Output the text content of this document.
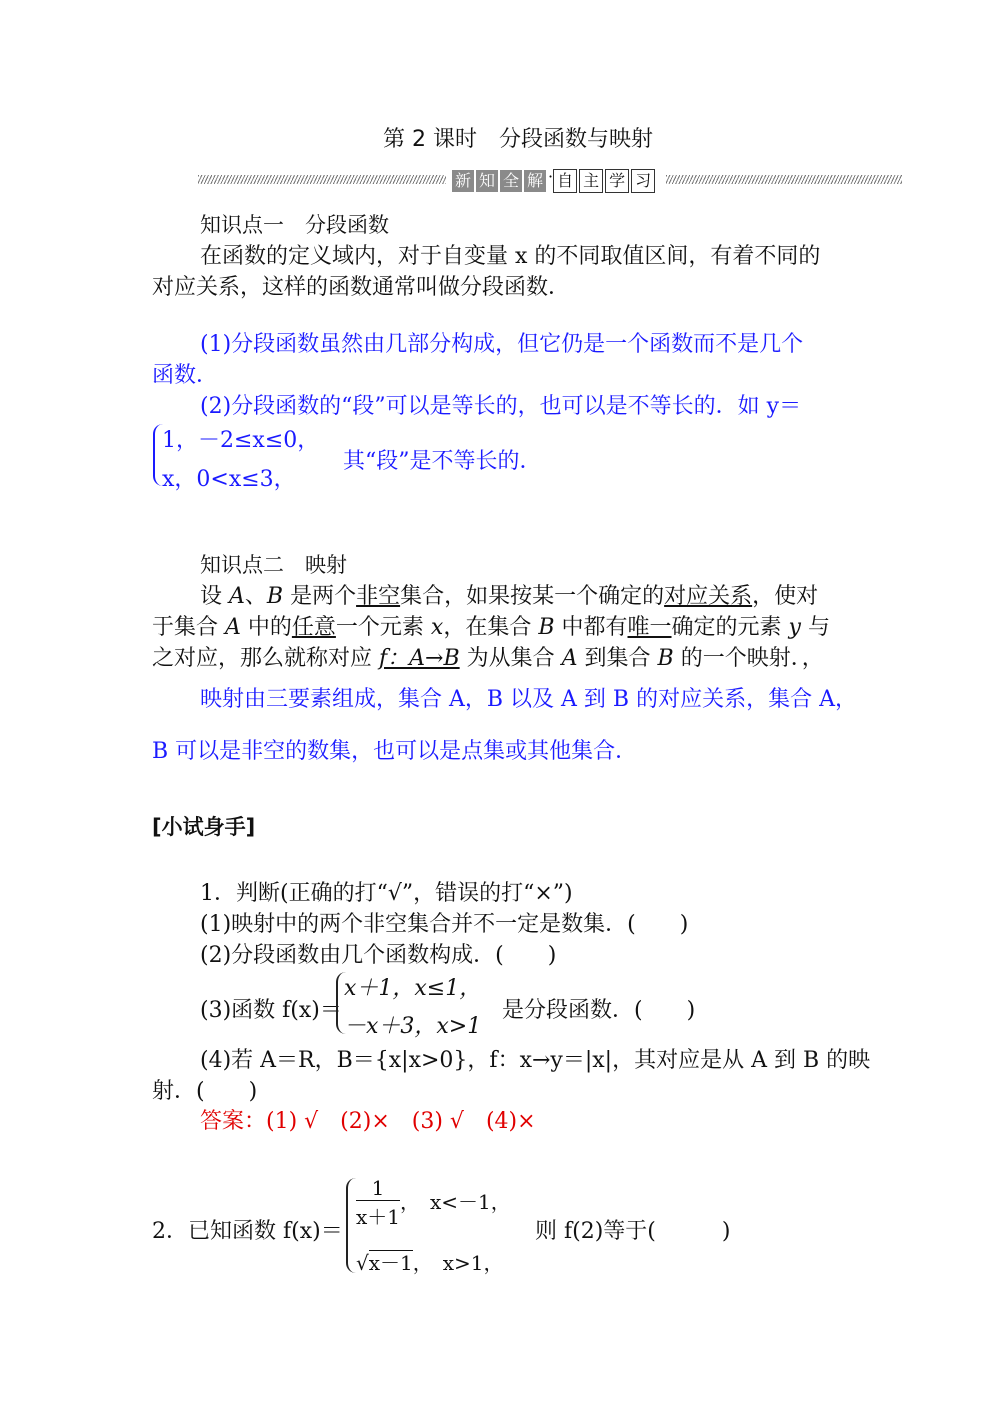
第 2 课时　分段函数与映射
新 知 全 解 · 自 主 学 习
知识点一　分段函数
在函数的定义域内，对于自变量 x 的不同取值区间，有着不同的
对应关系，这样的函数通常叫做分段函数．
(1)分段函数虽然由几部分构成，但它仍是一个函数而不是几个
函数．
(2)分段函数的“段”可以是等长的，也可以是不等长的．如 y＝
1，－2≤x≤0，
x，0<x≤3，
其“段”是不等长的．
知识点二　映射
设 A、B 是两个非空集合，如果按某一个确定的对应关系，使对
于集合 A 中的任意一个元素 x，在集合 B 中都有唯一确定的元素 y 与
之对应，那么就称对应 f：A→B 为从集合 A 到集合 B 的一个映射．，
映射由三要素组成，集合 A，B 以及 A 到 B 的对应关系，集合 A，
B 可以是非空的数集，也可以是点集或其他集合．
[小试身手]
1．判断(正确的打“√”，错误的打“×”)
(1)映射中的两个非空集合并不一定是数集．(　　)
(2)分段函数由几个函数构成．(　　)
(3)函数 f(x)＝
x＋1，x≤1，
－x＋3，x>1
是分段函数．(　　)
(4)若 A＝R，B＝{x|x>0}，f：x→y＝|x|，其对应是从 A 到 B 的映
射．(　　)
答案：(1) √　(2)×　(3) √　(4)×
2．已知函数 f(x)＝
$\frac{1}{x+1}$ ，　x<－1，
√x－1，　x>1，
则 f(2)等于(　　　)
